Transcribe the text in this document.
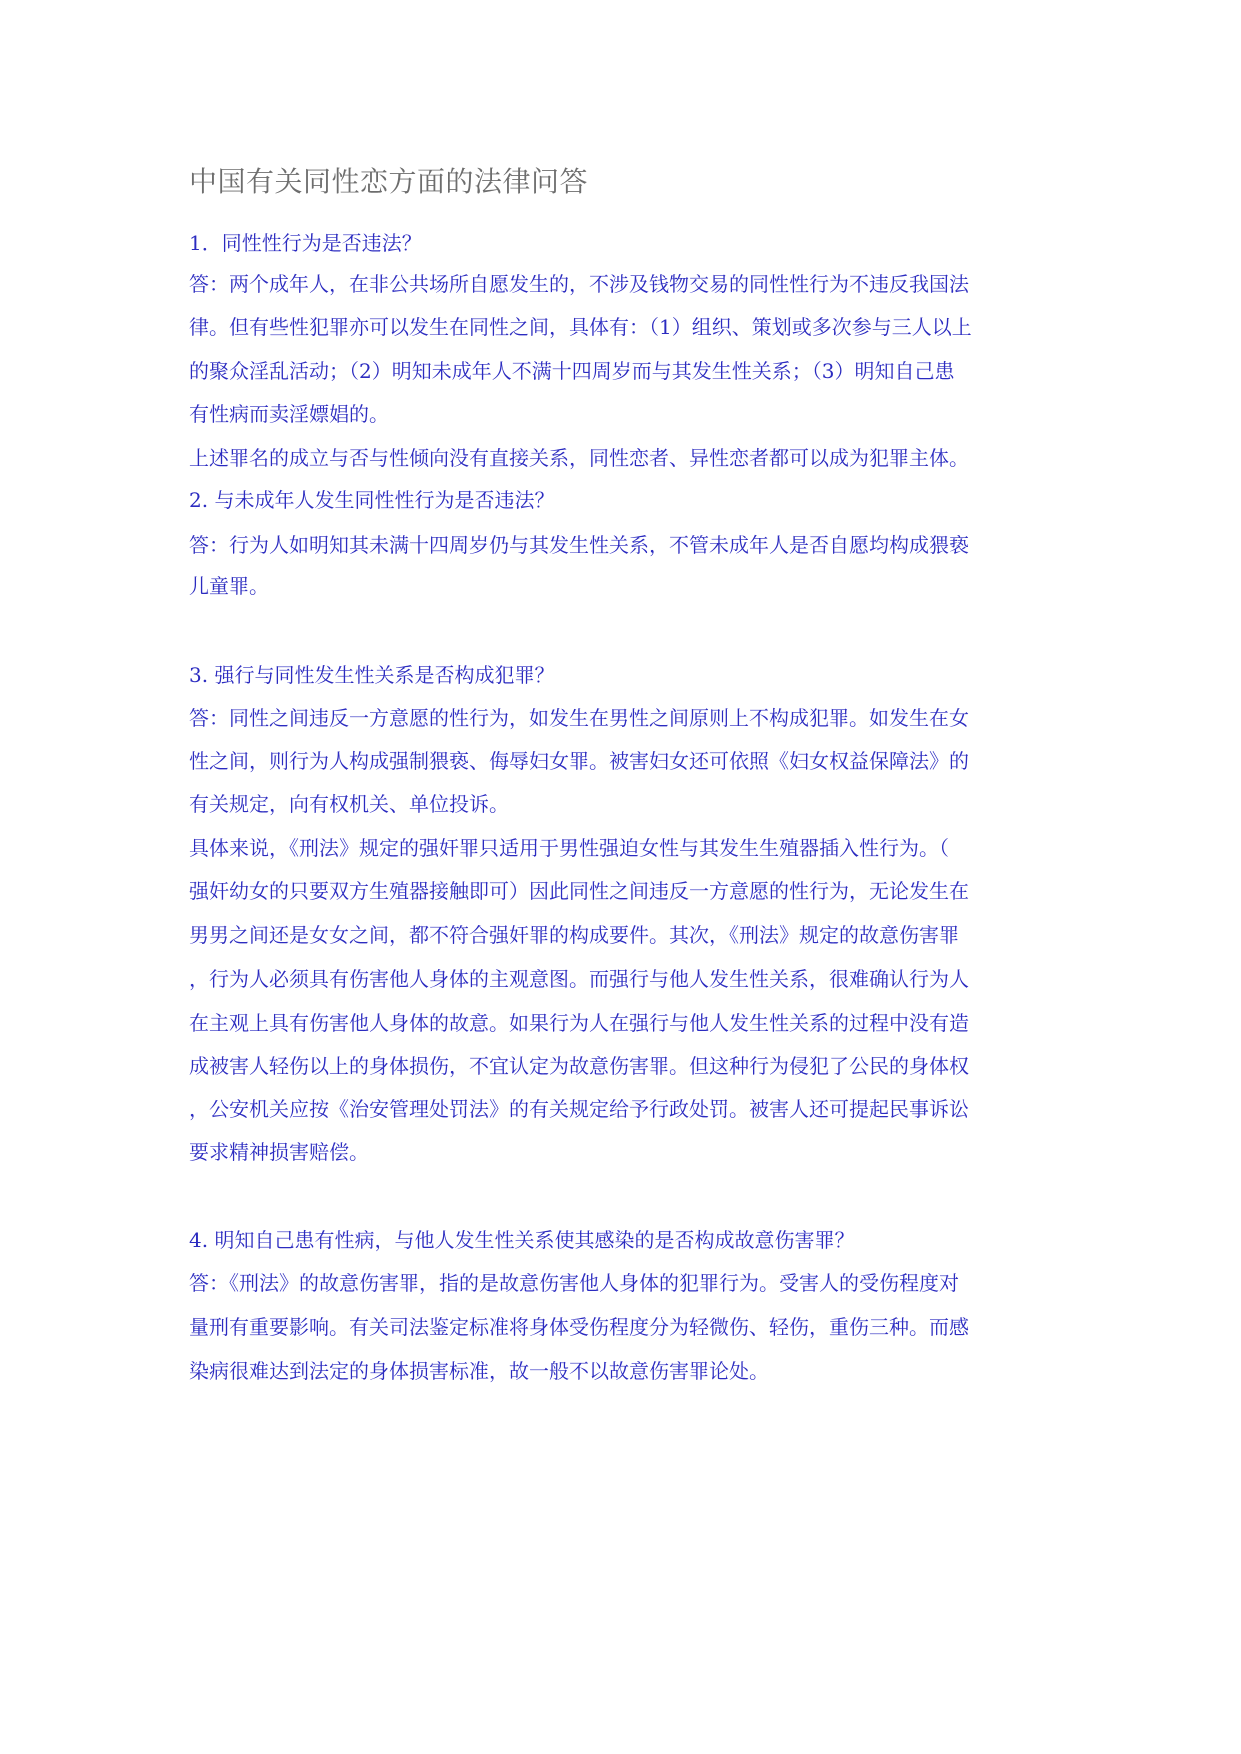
中国有关同性恋方面的法律问答
1．同性性行为是否违法？
答：两个成年人，在非公共场所自愿发生的，不涉及钱物交易的同性性行为不违反我国法
律。但有些性犯罪亦可以发生在同性之间，具体有：（1）组织、策划或多次参与三人以上
的聚众淫乱活动；（2）明知未成年人不满十四周岁而与其发生性关系；（3）明知自己患
有性病而卖淫嫖娼的。
上述罪名的成立与否与性倾向没有直接关系，同性恋者、异性恋者都可以成为犯罪主体。
2. 与未成年人发生同性性行为是否违法？
答：行为人如明知其未满十四周岁仍与其发生性关系，不管未成年人是否自愿均构成猥亵
儿童罪。
3. 强行与同性发生性关系是否构成犯罪？
答：同性之间违反一方意愿的性行为，如发生在男性之间原则上不构成犯罪。如发生在女
性之间，则行为人构成强制猥亵、侮辱妇女罪。被害妇女还可依照《妇女权益保障法》的
有关规定，向有权机关、单位投诉。
具体来说，《刑法》规定的强奸罪只适用于男性强迫女性与其发生生殖器插入性行为。（
强奸幼女的只要双方生殖器接触即可）因此同性之间违反一方意愿的性行为，无论发生在
男男之间还是女女之间，都不符合强奸罪的构成要件。其次，《刑法》规定的故意伤害罪
，行为人必须具有伤害他人身体的主观意图。而强行与他人发生性关系，很难确认行为人
在主观上具有伤害他人身体的故意。如果行为人在强行与他人发生性关系的过程中没有造
成被害人轻伤以上的身体损伤，不宜认定为故意伤害罪。但这种行为侵犯了公民的身体权
，公安机关应按《治安管理处罚法》的有关规定给予行政处罚。被害人还可提起民事诉讼
要求精神损害赔偿。
4. 明知自己患有性病，与他人发生性关系使其感染的是否构成故意伤害罪？
答：《刑法》的故意伤害罪，指的是故意伤害他人身体的犯罪行为。受害人的受伤程度对
量刑有重要影响。有关司法鉴定标准将身体受伤程度分为轻微伤、轻伤，重伤三种。而感
染病很难达到法定的身体损害标准，故一般不以故意伤害罪论处。
